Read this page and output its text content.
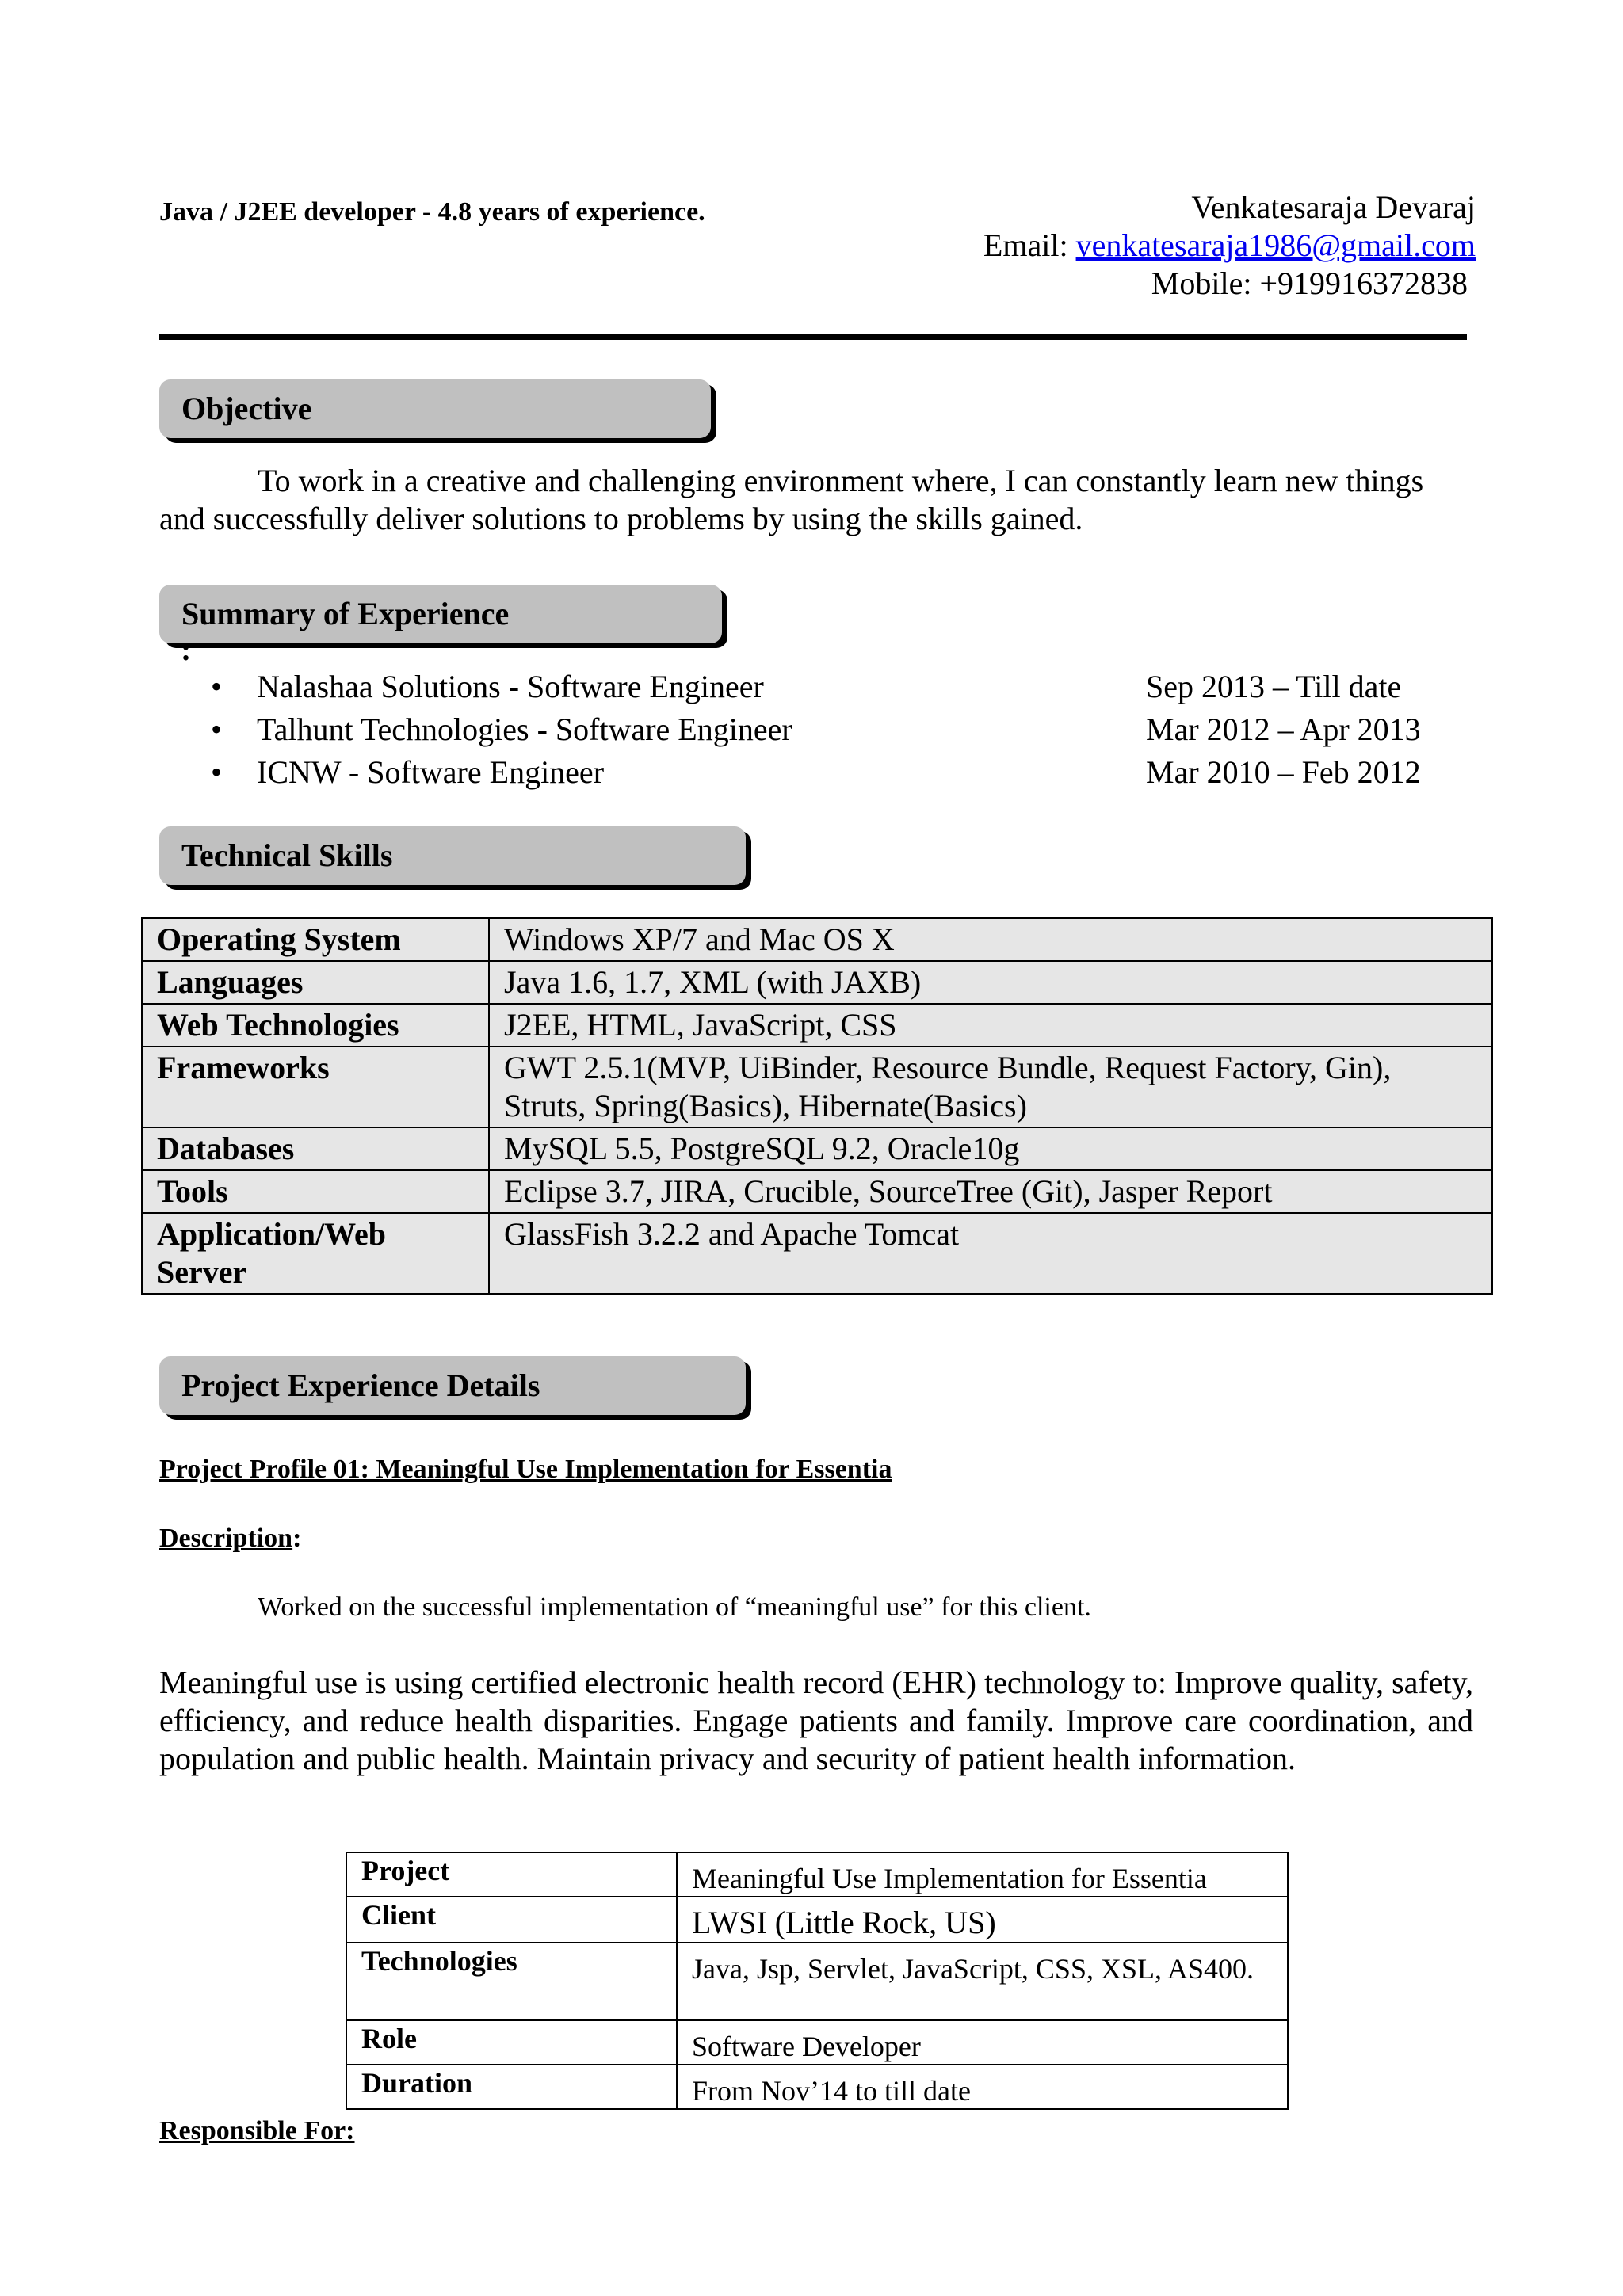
Java / J2EE developer - 4.8 years of experience.	Venkatesaraja Devaraj
Email: venkatesaraja1986@gmail.com
Mobile: +919916372838
Objective
To work in a creative and challenging environment where, I can constantly learn new things
and successfully deliver solutions to problems by using the skills gained.
Summary of Experience
:
• Nalashaa Solutions - Software Engineer	Sep 2013 – Till date
• Talhunt Technologies - Software Engineer	Mar 2012 – Apr 2013
• ICNW - Software Engineer	Mar 2010 – Feb 2012
Technical Skills
Operating System	Windows XP/7 and Mac OS X
Languages	Java 1.6, 1.7, XML (with JAXB)
Web Technologies	J2EE, HTML, JavaScript, CSS
Frameworks	GWT 2.5.1(MVP, UiBinder, Resource Bundle, Request Factory, Gin), Struts, Spring(Basics), Hibernate(Basics)
Databases	MySQL 5.5, PostgreSQL 9.2, Oracle10g
Tools	Eclipse 3.7, JIRA, Crucible, SourceTree (Git), Jasper Report
Application/Web Server	GlassFish 3.2.2 and Apache Tomcat
Project Experience Details
Project Profile 01: Meaningful Use Implementation for Essentia
Description:
Worked on the successful implementation of “meaningful use” for this client.
Meaningful use is using certified electronic health record (EHR) technology to: Improve quality, safety, efficiency, and reduce health disparities. Engage patients and family. Improve care coordination, and population and public health. Maintain privacy and security of patient health information.
Project	Meaningful Use Implementation for Essentia
Client	LWSI (Little Rock, US)
Technologies	Java, Jsp, Servlet, JavaScript, CSS, XSL, AS400.
Role	Software Developer
Duration	From Nov’14 to till date
Responsible For:
